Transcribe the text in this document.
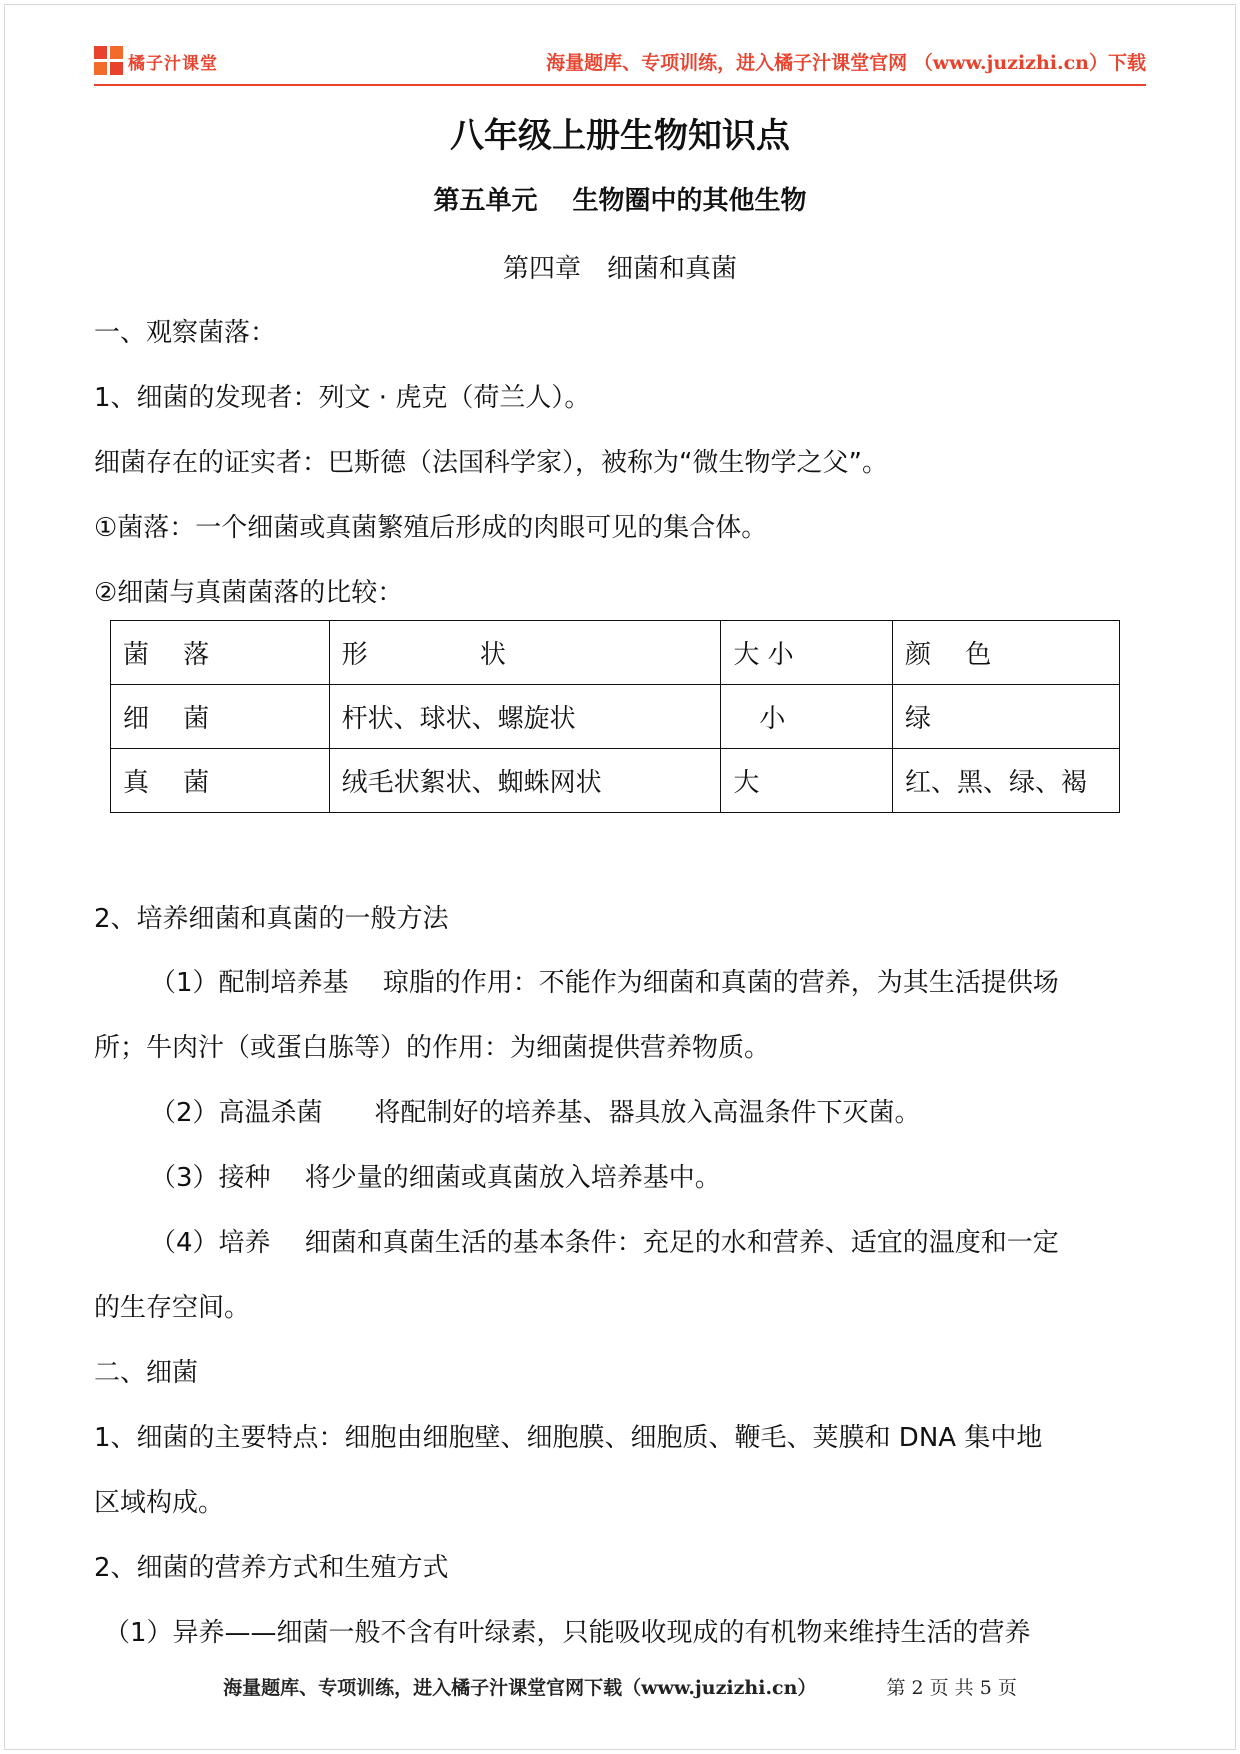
橘子汁课堂	海量题库、专项训练，进入橘子汁课堂官网 （www.juzizhi.cn）下载
八年级上册生物知识点
第五单元　 生物圈中的其他生物
第四章　细菌和真菌
一、观察菌落：
1、细菌的发现者：列文 · 虎克（荷兰人）。
细菌存在的证实者：巴斯德（法国科学家），被称为“微生物学之父”。
①菌落：一个细菌或真菌繁殖后形成的肉眼可见的集合体。
②细菌与真菌菌落的比较：
菌　 落	形　　　　 状	大 小	颜　 色
细　 菌	杆状、球状、螺旋状	　小	绿
真　 菌	绒毛状絮状、蜘蛛网状	大	红、黑、绿、褐
2、培养细菌和真菌的一般方法
（1）配制培养基　 琼脂的作用：不能作为细菌和真菌的营养，为其生活提供场
所；牛肉汁（或蛋白胨等）的作用：为细菌提供营养物质。
（2）高温杀菌　　将配制好的培养基、器具放入高温条件下灭菌。
（3）接种　 将少量的细菌或真菌放入培养基中。
（4）培养　 细菌和真菌生活的基本条件：充足的水和营养、适宜的温度和一定
的生存空间。
二、细菌
1、细菌的主要特点：细胞由细胞壁、细胞膜、细胞质、鞭毛、荚膜和 DNA 集中地
区域构成。
2、细菌的营养方式和生殖方式
（1）异养——细菌一般不含有叶绿素，只能吸收现成的有机物来维持生活的营养
海量题库、专项训练，进入橘子汁课堂官网下载（www.juzizhi.cn）	第 2 页 共 5 页
